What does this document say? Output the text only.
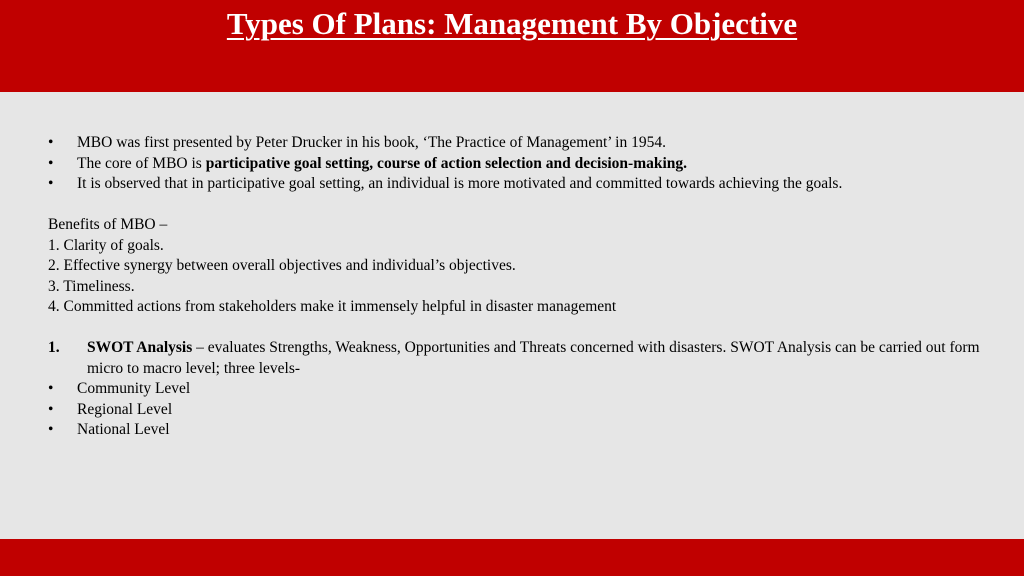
Types Of Plans: Management By Objective
• MBO was first presented by Peter Drucker in his book, ‘The Practice of Management’ in 1954.
• The core of MBO is participative goal setting, course of action selection and decision-making.
• It is observed that in participative goal setting, an individual is more motivated and committed towards achieving the goals.
Benefits of MBO –
1. Clarity of goals.
2. Effective synergy between overall objectives and individual’s objectives.
3. Timeliness.
4. Committed actions from stakeholders make it immensely helpful in disaster management
1. SWOT Analysis – evaluates Strengths, Weakness, Opportunities and Threats concerned with disasters. SWOT Analysis can be carried out form micro to macro level; three levels-
• Community Level
• Regional Level
• National Level
